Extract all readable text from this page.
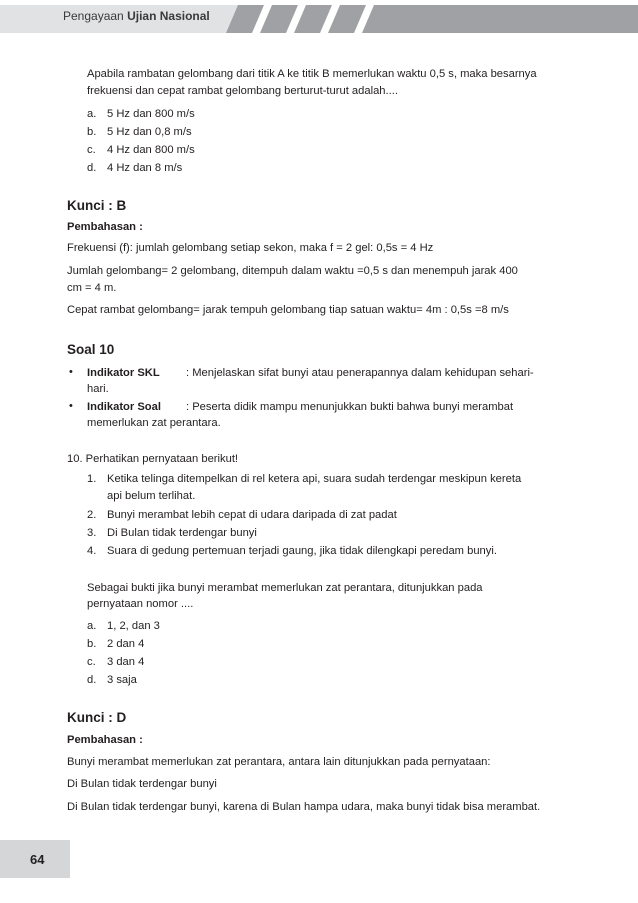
Pengayaan Ujian Nasional
Apabila rambatan gelombang dari titik A ke titik B memerlukan waktu 0,5 s, maka besarnya
frekuensi dan cepat rambat gelombang berturut-turut adalah....
a. 5 Hz dan 800 m/s
b. 5 Hz dan 0,8 m/s
c. 4 Hz dan 800 m/s
d. 4 Hz dan 8 m/s
Kunci : B
Pembahasan :
Frekuensi (f): jumlah gelombang setiap sekon, maka f = 2 gel: 0,5s = 4 Hz
Jumlah gelombang= 2 gelombang, ditempuh dalam waktu =0,5 s dan menempuh jarak 400
cm = 4 m.
Cepat rambat gelombang= jarak tempuh gelombang tiap satuan waktu= 4m : 0,5s =8 m/s
Soal 10
• Indikator SKL : Menjelaskan sifat bunyi atau penerapannya dalam kehidupan sehari-
hari.
• Indikator Soal : Peserta didik mampu menunjukkan bukti bahwa bunyi merambat
memerlukan zat perantara.
10. Perhatikan pernyataan berikut!
1. Ketika telinga ditempelkan di rel ketera api, suara sudah terdengar meskipun kereta
api belum terlihat.
2. Bunyi merambat lebih cepat di udara daripada di zat padat
3. Di Bulan tidak terdengar bunyi
4. Suara di gedung pertemuan terjadi gaung, jika tidak dilengkapi peredam bunyi.
Sebagai bukti jika bunyi merambat memerlukan zat perantara, ditunjukkan pada
pernyataan nomor ....
a. 1, 2, dan 3
b. 2 dan 4
c. 3 dan 4
d. 3 saja
Kunci : D
Pembahasan :
Bunyi merambat memerlukan zat perantara, antara lain ditunjukkan pada pernyataan:
Di Bulan tidak terdengar bunyi
Di Bulan tidak terdengar bunyi, karena di Bulan hampa udara, maka bunyi tidak bisa merambat.
64
